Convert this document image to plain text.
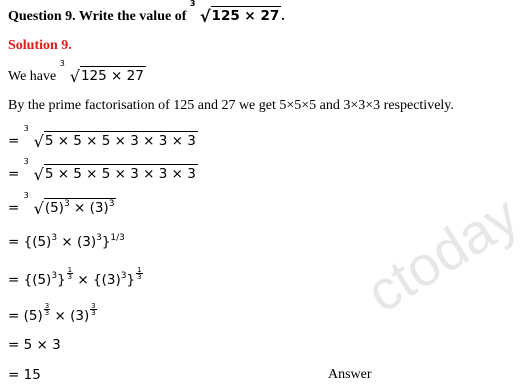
Question 9. Write the value of
3
√125 × 27 .
Solution 9.
We have
3
√125 × 27
By the prime factorisation of 125 and 27 we get 5×5×5 and 3×3×3 respectively.
=
3
√5 × 5 × 5 × 3 × 3 × 3
=
3
√5 × 5 × 5 × 3 × 3 × 3
=
3
$√(5)^3 \times (3)^3$
= $\{(5)^3 \times (3)^3\}^{1/3}$
= $\{(5)^3\} \frac{1}{3} \times \{(3)^3\} \frac{1}{3}$
= $(5) \frac{3}{3} \times (3) \frac{3}{3}$
= 5 × 3
= 15	Answer
ctoday
